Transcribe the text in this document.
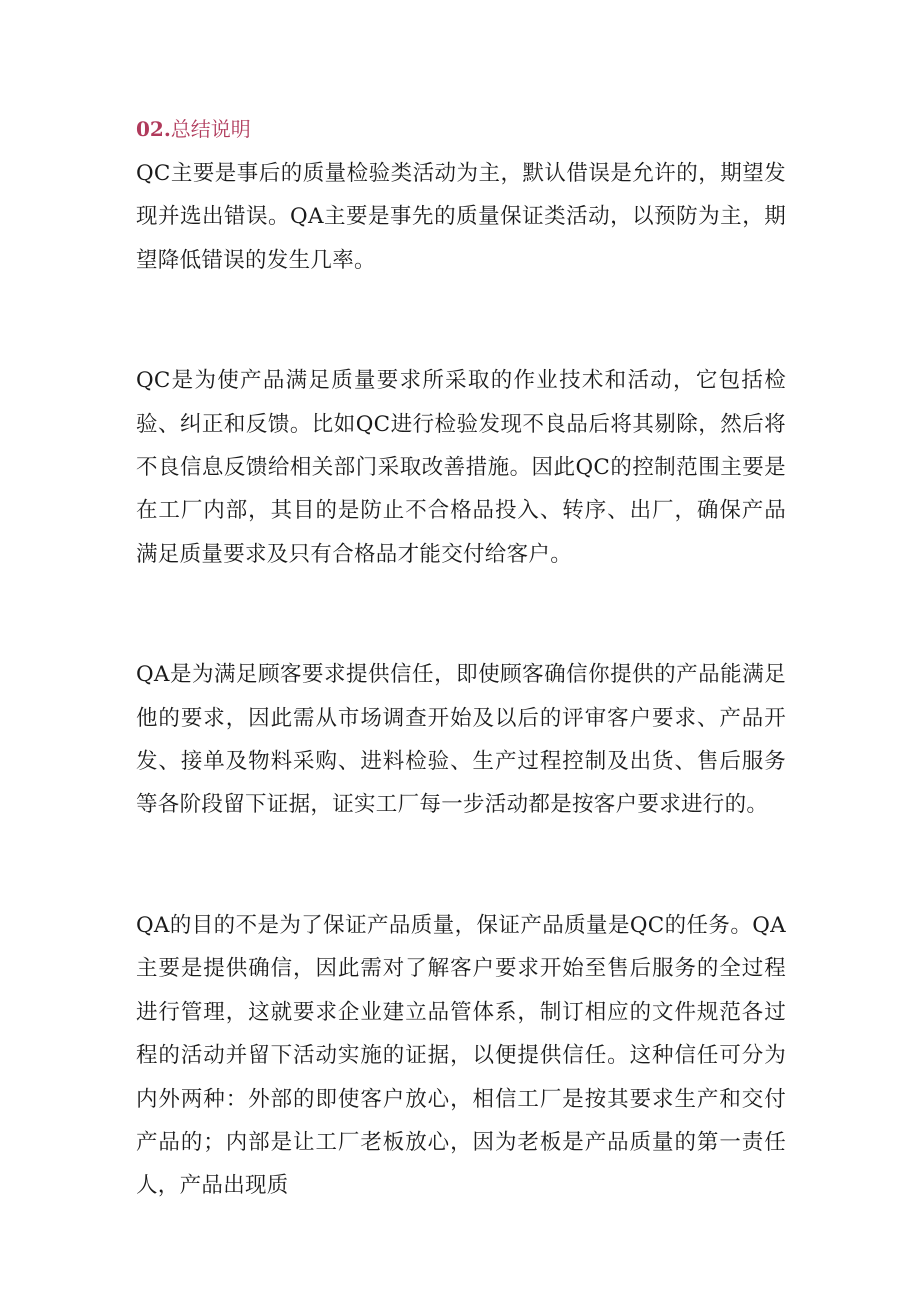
02.总结说明

QC主要是事后的质量检验类活动为主，默认借误是允许的，期望发现并选出错误。QA主要是事先的质量保证类活动，以预防为主，期望降低错误的发生几率。

QC是为使产品满足质量要求所采取的作业技术和活动，它包括检验、纠正和反馈。比如QC进行检验发现不良品后将其剔除，然后将不良信息反馈给相关部门采取改善措施。因此QC的控制范围主要是在工厂内部，其目的是防止不合格品投入、转序、出厂，确保产品满足质量要求及只有合格品才能交付给客户。

QA是为满足顾客要求提供信任，即使顾客确信你提供的产品能满足他的要求，因此需从市场调查开始及以后的评审客户要求、产品开发、接单及物料采购、进料检验、生产过程控制及出货、售后服务等各阶段留下证据，证实工厂每一步活动都是按客户要求进行的。

QA的目的不是为了保证产品质量，保证产品质量是QC的任务。QA主要是提供确信，因此需对了解客户要求开始至售后服务的全过程进行管理，这就要求企业建立品管体系，制订相应的文件规范各过程的活动并留下活动实施的证据，以便提供信任。这种信任可分为内外两种：外部的即使客户放心，相信工厂是按其要求生产和交付产品的；内部是让工厂老板放心，因为老板是产品质量的第一责任人，产品出现质
